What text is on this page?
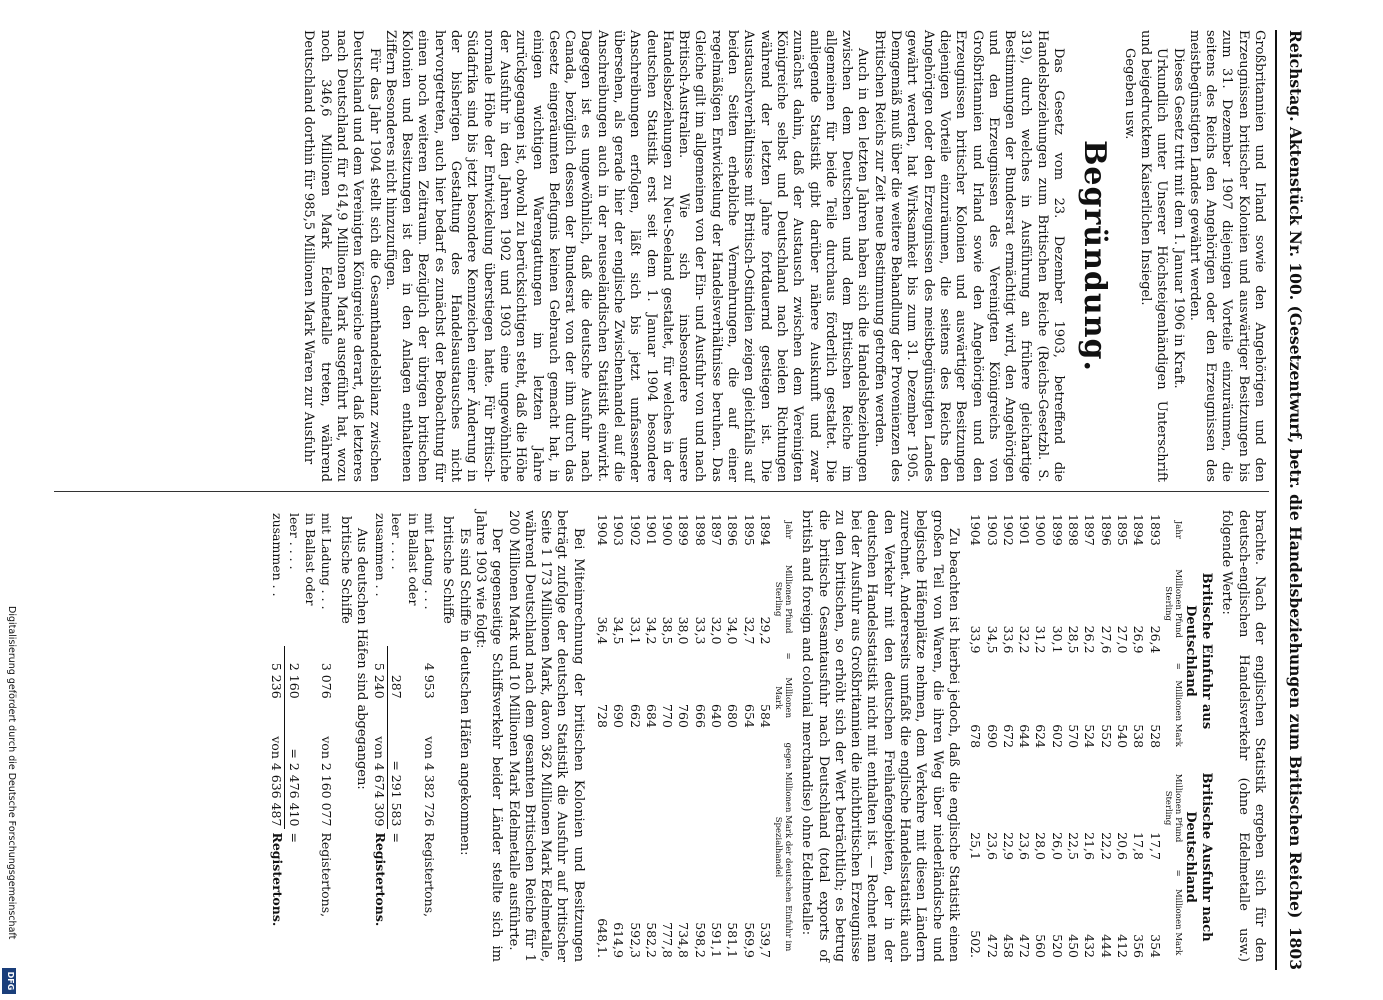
Reichstag. Aktenstück Nr. 100. (Gesetzentwurf, betr. die Handelsbeziehungen zum Britischen Reiche)
1803

Großbritannien und Irland sowie den Angehörigen und den Erzeugnissen britischer Kolonien und auswärtiger Besitzungen bis zum 31. Dezember 1907 diejenigen Vorteile einzuräumen, die seitens des Reichs den Angehörigen oder den Erzeugnissen des meistbegünstigten Landes gewährt werden.

Dieses Gesetz tritt mit dem 1. Januar 1906 in Kraft.

Urkundlich unter Unserer Höchsteigenhändigen Unterschrift und beigedrucktem Kaiserlichen Insiegel.

Gegeben usw.

Begründung.

Das Gesetz vom 23. Dezember 1903, betreffend die Handelsbeziehungen zum Britischen Reiche (Reichs-Gesetzbl. S. 319), durch welches in Ausführung an frühere gleichartige Bestimmungen der Bundesrat ermächtigt wird, den Angehörigen und den Erzeugnissen des Vereinigten Königreichs von Großbritannien und Irland sowie den Angehörigen und den Erzeugnissen britischer Kolonien und auswärtiger Besitzungen diejenigen Vorteile einzuräumen, die seitens des Reichs den Angehörigen oder den Erzeugnissen des meistbegünstigten Landes gewährt werden, hat Wirksamkeit bis zum 31. Dezember 1905. Demgemäß muß über die weitere Behandlung der Provenienzen des Britischen Reichs zur Zeit neue Bestimmung getroffen werden.

Auch in den letzten Jahren haben sich die Handelsbeziehungen zwischen dem Deutschen und dem Britischen Reiche im allgemeinen für beide Teile durchaus förderlich gestaltet. Die anliegende Statistik gibt darüber nähere Auskunft und zwar zunächst dahin, daß der Austausch zwischen dem Vereinigten Königreiche selbst und Deutschland nach beiden Richtungen während der letzten Jahre fortdauernd gestiegen ist. Die Austauschverhältnisse mit Britisch-Ostindien zeigen gleichfalls auf beiden Seiten erhebliche Vermehrungen, die auf einer regelmäßigen Entwickelung der Handelsverhältnisse beruhen. Das Gleiche gilt im allgemeinen von der Ein- und Ausfuhr von und nach Britisch-Australien. Wie sich insbesondere unsere Handelsbeziehungen zu Neu-Seeland gestaltet, für welches in der deutschen Statistik erst seit dem 1. Januar 1904 besondere Anschreibungen erfolgen, läßt sich bis jetzt umfassender übersehen, als gerade hier der englische Zwischenhandel auf die Anschreibungen auch in der neuseeländischen Statistik einwirkt. Dagegen ist es ungewöhnlich, daß die deutsche Ausfuhr nach Canada, bezüglich dessen der Bundesrat von der ihm durch das Gesetz eingeräumten Befugnis keinen Gebrauch gemacht hat, in einigen wichtigen Warengattungen im letzten Jahre zurückgegangen ist, obwohl zu berücksichtigen steht, daß die Höhe der Ausfuhr in den Jahren 1902 und 1903 eine ungewöhnliche normale Höhe der Entwickelung überstiegen hatte. Für Britisch-Südafrika sind bis jetzt besondere Kennzeichen einer Änderung in der bisherigen Gestaltung des Handelsaustausches nicht hervorgetreten, auch hier bedarf es zunächst der Beobachtung für einen noch weiteren Zeitraum. Bezüglich der übrigen britischen Kolonien und Besitzungen ist den in den Anlagen enthaltenen Ziffern Besonderes nicht hinzuzufügen.

Für das Jahr 1904 stellt sich die Gesamthandelsbilanz zwischen Deutschland und dem Vereinigten Königreiche derart, daß letzteres nach Deutschland für 614,9 Millionen Mark ausgeführt hat, wozu noch 346,6 Millionen Mark Edelmetalle treten, während Deutschland dorthin für 985,5 Millionen Mark Waren zur Ausfuhr

brachte. Nach der englischen Statistik ergeben sich für den deutsch-englischen Handelsverkehr (ohne Edelmetalle usw.) folgende Werte:

	Britische Einfuhr aus Deutschland			Britische Ausfuhr nach Deutschland		
Jahr	Millionen Pfund Sterling	=	Millionen Mark	Millionen Pfund Sterling	=	Millionen Mark
1893	26,4		528	17,7		354
1894	26,9		538	17,8		356
1895	27,0		540	20,6		412
1896	27,6		552	22,2		444
1897	26,2		524	21,6		432
1898	28,5		570	22,5		450
1899	30,1		602	26,0		520
1900	31,2		624	28,0		560
1901	32,2		644	23,6		472
1902	33,6		672	22,9		458
1903	34,5		690	23,6		472
1904	33,9		678	25,1		502.

Zu beachten ist hierbei jedoch, daß die englische Statistik einen großen Teil von Waren, die ihren Weg über niederländische und belgische Häfenplätze nehmen, dem Verkehre mit diesen Ländern zurechnet. Andererseits umfaßt die englische Handelsstatistik auch den Verkehr mit den deutschen Freihafengebieten, der in der deutschen Handelsstatistik nicht mit enthalten ist. — Rechnet man bei der Ausfuhr aus Großbritannien die nichtbritischen Erzeugnisse zu den britischen, so erhöht sich der Wert beträchtlich; es betrug die britische Gesamtausfuhr nach Deutschland (total exports of british and foreign and colonial merchandise) ohne Edelmetalle:

Jahr	Millionen Pfund Sterling	=	Millionen Mark	gegen Millionen Mark der deutschen Einfuhr im Spezialhandel
1894	29,2		584	539,7
1895	32,7		654	569,9
1896	34,0		680	581,1
1897	32,0		640	591,1
1898	33,3		666	598,2
1899	38,0		760	734,8
1900	38,5		770	777,8
1901	34,2		684	582,2
1902	33,1		662	592,3
1903	34,5		690	614,9
1904	36,4		728	648,1.

Bei Miteinrechnung der britischen Kolonien und Besitzungen beträgt zufolge der deutschen Statistik die Ausfuhr auf britischer Seite 1 173 Millionen Mark, davon 362 Millionen Mark Edelmetalle, während Deutschland nach dem gesamten Britischen Reiche für 1 200 Millionen Mark und 10 Millionen Mark Edelmetalle ausführte.

Der gegenseitige Schiffsverkehr beider Länder stellte sich im Jahre 1903 wie folgt:

Es sind Schiffe in deutschen Häfen angekommen:

britische Schiffe
mit Ladung . . .	4 953	von 4 382 726	Registertons,
in Ballast oder			
leer . . . .	287	= 291 583	=
zusammen . .	5 240	von 4 674 309	Registertons.

Aus deutschen Häfen sind abgegangen:

britische Schiffe
mit Ladung . . .	3 076	von 2 160 077	Registertons,
in Ballast oder			
leer . . . .	2 160	= 2 476 410	=
zusammen . .	5 236	von 4 636 487	Registertons.
Digitalisierung gefördert durch die Deutsche Forschungsgemeinschaft
DFG
